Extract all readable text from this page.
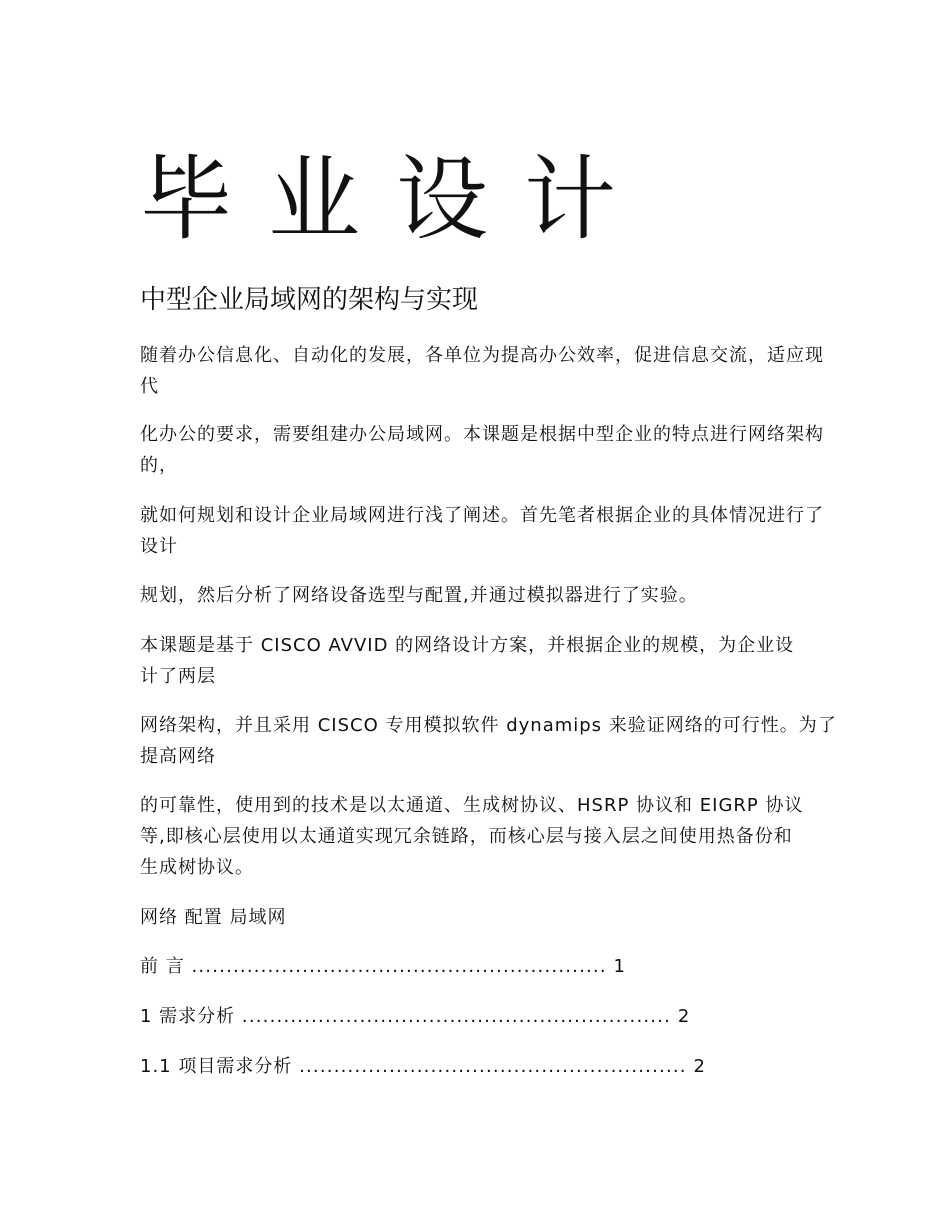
毕业设计
中型企业局域网的架构与实现

随着办公信息化、自动化的发展，各单位为提高办公效率，促进信息交流，适应现代

化办公的要求，需要组建办公局域网。本课题是根据中型企业的特点进行网络架构的，

就如何规划和设计企业局域网进行浅了阐述。首先笔者根据企业的具体情况进行了设计

规划，然后分析了网络设备选型与配置,并通过模拟器进行了实验。

本课题是基于 CISCO AVVID 的网络设计方案，并根据企业的规模，为企业设计了两层

网络架构，并且采用 CISCO 专用模拟软件 dynamips 来验证网络的可行性。为了提高网络

的可靠性，使用到的技术是以太通道、生成树协议、HSRP 协议和 EIGRP 协议等,即核心层使用以太通道实现冗余链路，而核心层与接入层之间使用热备份和生成树协议。

网络 配置 局域网

前 言 ............................................................ 1
1 需求分析 .............................................................. 2
1.1 项目需求分析 ........................................................ 2
